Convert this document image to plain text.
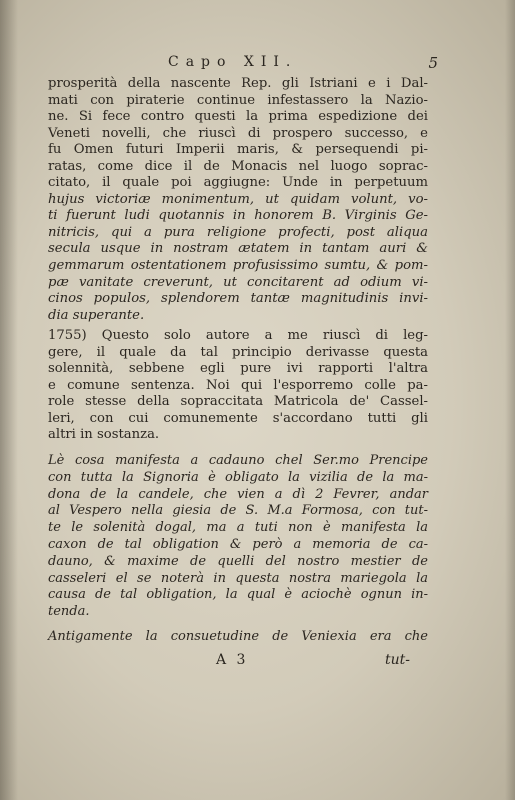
Capo XII.	5
prosperità della nascente Rep. gli Istriani e i Dal-
mati con piraterie continue infestassero la Nazio-
ne. Si fece contro questi la prima espedizione dei
Veneti novelli, che riuscì di prospero successo, e
fu Omen futuri Imperii maris, & persequendi pi-
ratas, come dice il de Monacis nel luogo soprac-
citato, il quale poi aggiugne: Unde in perpetuum
hujus victoriæ monimentum, ut quidam volunt, vo-
ti fuerunt ludi quotannis in honorem B. Virginis Ge-
nitricis, qui a pura religione profecti, post aliqua
secula usque in nostram ætatem in tantam auri &
gemmarum ostentationem profusissimo sumtu, & pom-
pæ vanitate creverunt, ut concitarent ad odium vi-
cinos populos, splendorem tantæ magnitudinis invi-
dia superante.
1755) Questo solo autore a me riuscì di leg-
gere, il quale da tal principio derivasse questa
solennità, sebbene egli pure ivi rapporti l'altra
e comune sentenza. Noi qui l'esporremo colle pa-
role stesse della sopraccitata Matricola de' Cassel-
leri, con cui comunemente s'accordano tutti gli
altri in sostanza.
Lè cosa manifesta a cadauno chel Ser.mo Prencipe
con tutta la Signoria è obligato la vizilia de la ma-
dona de la candele, che vien a dì 2 Fevrer, andar
al Vespero nella giesia de S. M.a Formosa, con tut-
te le solenità dogal, ma a tuti non è manifesta la
caxon de tal obligation & però a memoria de ca-
dauno, & maxime de quelli del nostro mestier de
casseleri el se noterà in questa nostra mariegola la
causa de tal obligation, la qual è aciochè ognun in-
tenda.
Antigamente la consuetudine de Veniexia era che
A 3	tut-
